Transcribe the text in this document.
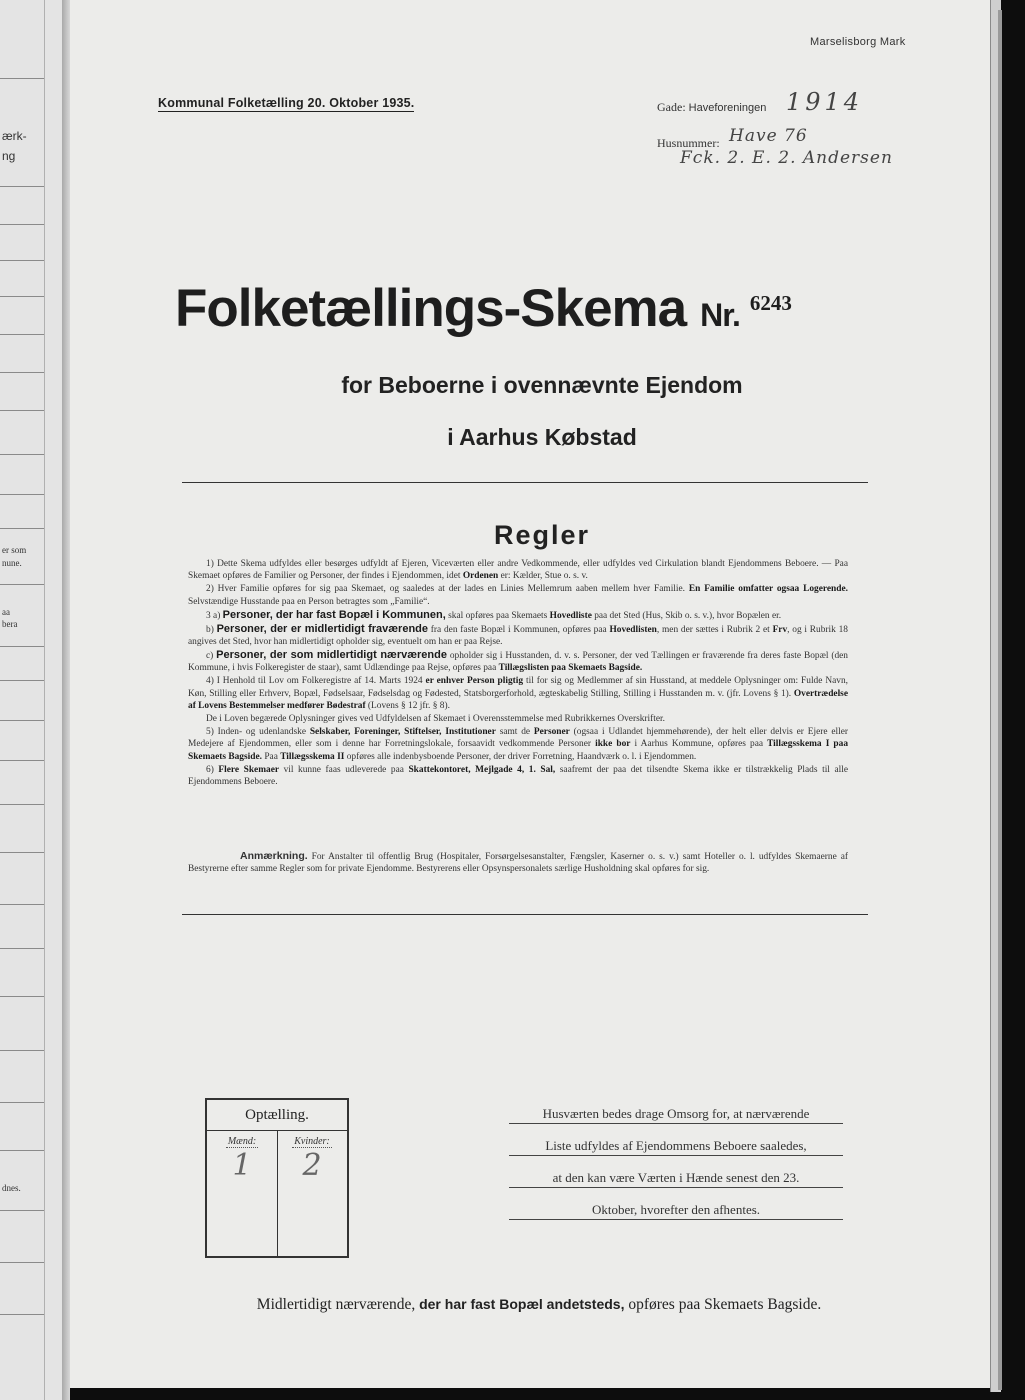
ærk-
ng
er som
nune.
aa
bera
dnes.
Marselisborg Mark
Kommunal Folketælling 20. Oktober 1935.	Gade: Haveforeningen 1914
Husnummer: Have 76
Fck. 2. E. 2. Andersen
Folketællings-Skema Nr. $^{6243}$
for Beboerne i ovennævnte Ejendom
i Aarhus Købstad
Regler

1) Dette Skema udfyldes eller besørges udfyldt af Ejeren, Viceværten eller andre Vedkommende, eller udfyldes ved Cirkulation blandt Ejendommens Beboere. — Paa Skemaet opføres de Familier og Personer, der findes i Ejendommen, idet Ordenen er: Kælder, Stue o. s. v.

2) Hver Familie opføres for sig paa Skemaet, og saaledes at der lades en Linies Mellemrum aaben mellem hver Familie. En Familie omfatter ogsaa Logerende. Selvstændige Husstande paa en Person betragtes som „Familie“.

3 a) Personer, der har fast Bopæl i Kommunen, skal opføres paa Skemaets Hovedliste paa det Sted (Hus, Skib o. s. v.), hvor Bopælen er.

b) Personer, der er midlertidigt fraværende fra den faste Bopæl i Kommunen, opføres paa Hovedlisten, men der sættes i Rubrik 2 et Frv, og i Rubrik 18 angives det Sted, hvor han midlertidigt opholder sig, eventuelt om han er paa Rejse.

c) Personer, der som midlertidigt nærværende opholder sig i Husstanden, d. v. s. Personer, der ved Tællingen er fraværende fra deres faste Bopæl (den Kommune, i hvis Folkeregister de staar), samt Udlændinge paa Rejse, opføres paa Tillægslisten paa Skemaets Bagside.

4) I Henhold til Lov om Folkeregistre af 14. Marts 1924 er enhver Person pligtig til for sig og Medlemmer af sin Husstand, at meddele Oplysninger om: Fulde Navn, Køn, Stilling eller Erhverv, Bopæl, Fødselsaar, Fødselsdag og Fødested, Statsborgerforhold, ægteskabelig Stilling, Stilling i Husstanden m. v. (jfr. Lovens § 1). Overtrædelse af Lovens Bestemmelser medfører Bødestraf (Lovens § 12 jfr. § 8).

De i Loven begærede Oplysninger gives ved Udfyldelsen af Skemaet i Overensstemmelse med Rubrikkernes Overskrifter.

5) Inden- og udenlandske Selskaber, Foreninger, Stiftelser, Institutioner samt de Personer (ogsaa i Udlandet hjemmehørende), der helt eller delvis er Ejere eller Medejere af Ejendommen, eller som i denne har Forretningslokale, forsaavidt vedkommende Personer ikke bor i Aarhus Kommune, opføres paa Tillægsskema I paa Skemaets Bagside. Paa Tillægsskema II opføres alle indenbysboende Personer, der driver Forretning, Haandværk o. l. i Ejendommen.

6) Flere Skemaer vil kunne faas udleverede paa Skattekontoret, Mejlgade 4, 1. Sal, saafremt der paa det tilsendte Skema ikke er tilstrækkelig Plads til alle Ejendommens Beboere.

Anmærkning. For Anstalter til offentlig Brug (Hospitaler, Forsørgelsesanstalter, Fængsler, Kaserner o. s. v.) samt Hoteller o. l. udfyldes Skemaerne af Bestyrerne efter samme Regler som for private Ejendomme. Bestyrerens eller Opsynspersonalets særlige Husholdning skal opføres for sig.
Optælling.
Mænd:	Kvinder:
1	2
Husværten bedes drage Omsorg for, at nærværende
Liste udfyldes af Ejendommens Beboere saaledes,
at den kan være Værten i Hænde senest den 23.
Oktober, hvorefter den afhentes.
Midlertidigt nærværende, der har fast Bopæl andetsteds, opføres paa Skemaets Bagside.
